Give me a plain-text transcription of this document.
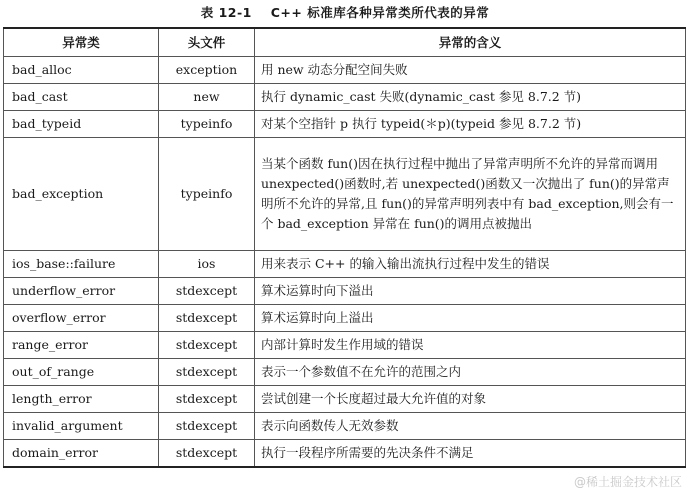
表 12-1 C++ 标准库各种异常类所代表的异常
异常类	头文件	异常的含义
bad_alloc	exception	用 new 动态分配空间失败
bad_cast	new	执行 dynamic_cast 失败(dynamic_cast 参见 8.7.2 节)
bad_typeid	typeinfo	对某个空指针 p 执行 typeid(＊p)(typeid 参见 8.7.2 节)
bad_exception	typeinfo	当某个函数 fun()因在执行过程中抛出了异常声明所不允许的异常而调用 unexpected()函数时,若 unexpected()函数又一次抛出了 fun()的异常声明所不允许的异常,且 fun()的异常声明列表中有 bad_exception,则会有一个 bad_exception 异常在 fun()的调用点被抛出
ios_base::failure	ios	用来表示 C++ 的输入输出流执行过程中发生的错误
underflow_error	stdexcept	算术运算时向下溢出
overflow_error	stdexcept	算术运算时向上溢出
range_error	stdexcept	内部计算时发生作用域的错误
out_of_range	stdexcept	表示一个参数值不在允许的范围之内
length_error	stdexcept	尝试创建一个长度超过最大允许值的对象
invalid_argument	stdexcept	表示向函数传人无效参数
domain_error	stdexcept	执行一段程序所需要的先决条件不满足
@稀土掘金技术社区
